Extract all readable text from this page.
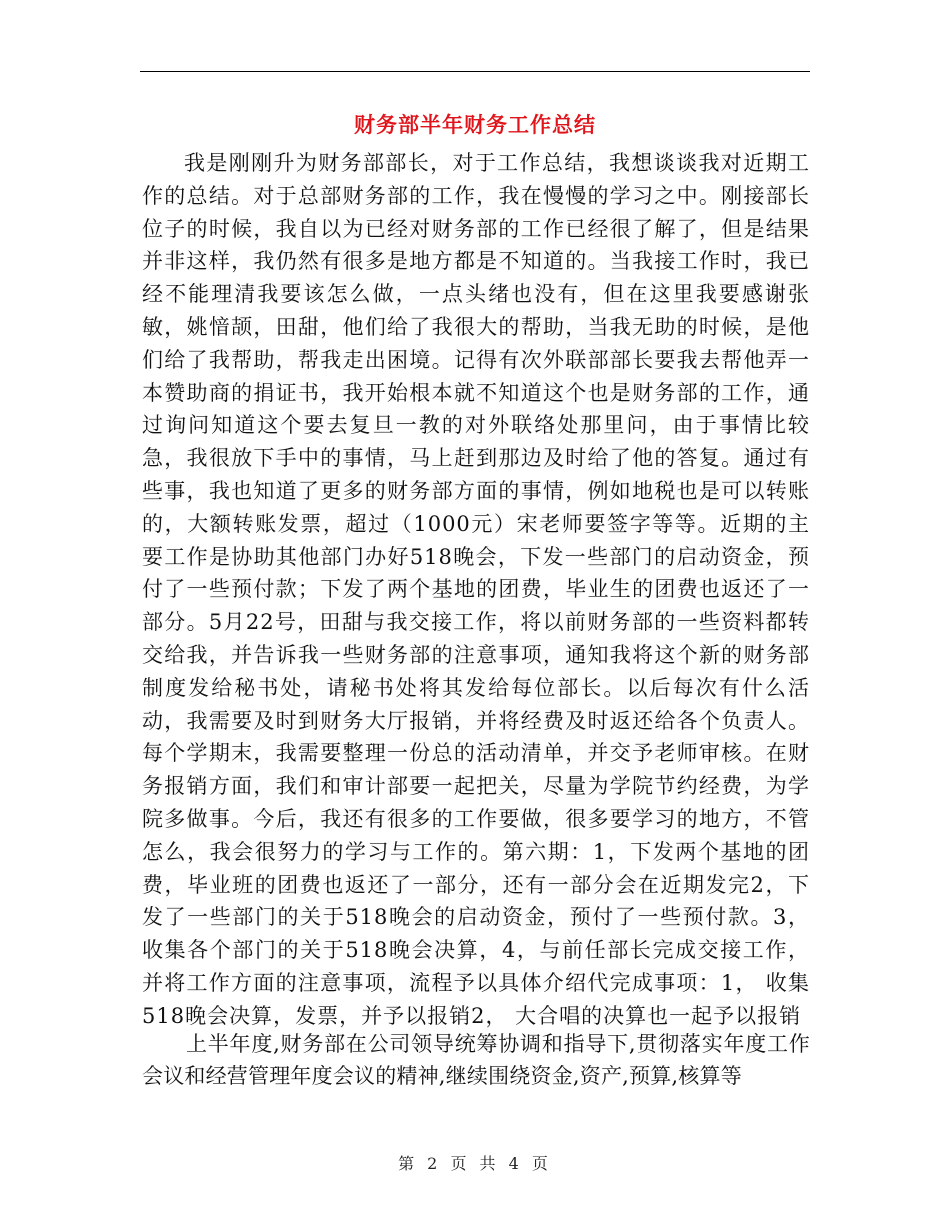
财务部半年财务工作总结

我是刚刚升为财务部部长，对于工作总结，我想谈谈我对近期工作的总结。对于总部财务部的工作，我在慢慢的学习之中。刚接部长位子的时候，我自以为已经对财务部的工作已经很了解了，但是结果并非这样，我仍然有很多是地方都是不知道的。当我接工作时，我已经不能理清我要该怎么做，一点头绪也没有，但在这里我要感谢张敏，姚愔颉，田甜，他们给了我很大的帮助，当我无助的时候，是他们给了我帮助，帮我走出困境。记得有次外联部部长要我去帮他弄一本赞助商的捐证书，我开始根本就不知道这个也是财务部的工作，通过询问知道这个要去复旦一教的对外联络处那里问，由于事情比较急，我很放下手中的事情，马上赶到那边及时给了他的答复。通过有些事，我也知道了更多的财务部方面的事情，例如地税也是可以转账的，大额转账发票，超过（1000元）宋老师要签字等等。近期的主要工作是协助其他部门办好518晚会，下发一些部门的启动资金，预付了一些预付款；下发了两个基地的团费，毕业生的团费也返还了一部分。5月22号，田甜与我交接工作，将以前财务部的一些资料都转交给我，并告诉我一些财务部的注意事项，通知我将这个新的财务部制度发给秘书处，请秘书处将其发给每位部长。以后每次有什么活动，我需要及时到财务大厅报销，并将经费及时返还给各个负责人。每个学期末，我需要整理一份总的活动清单，并交予老师审核。在财务报销方面，我们和审计部要一起把关，尽量为学院节约经费，为学院多做事。今后，我还有很多的工作要做，很多要学习的地方，不管怎么，我会很努力的学习与工作的。第六期：1，下发两个基地的团费，毕业班的团费也返还了一部分，还有一部分会在近期发完2，下发了一些部门的关于518晚会的启动资金，预付了一些预付款。3，收集各个部门的关于518晚会决算，4，与前任部长完成交接工作，并将工作方面的注意事项，流程予以具体介绍代完成事项：1， 收集518晚会决算，发票，并予以报销2， 大合唱的决算也一起予以报销

上半年度,财务部在公司领导统筹协调和指导下,贯彻落实年度工作会议和经营管理年度会议的精神,继续围绕资金,资产,预算,核算等

第 2 页 共 4 页
